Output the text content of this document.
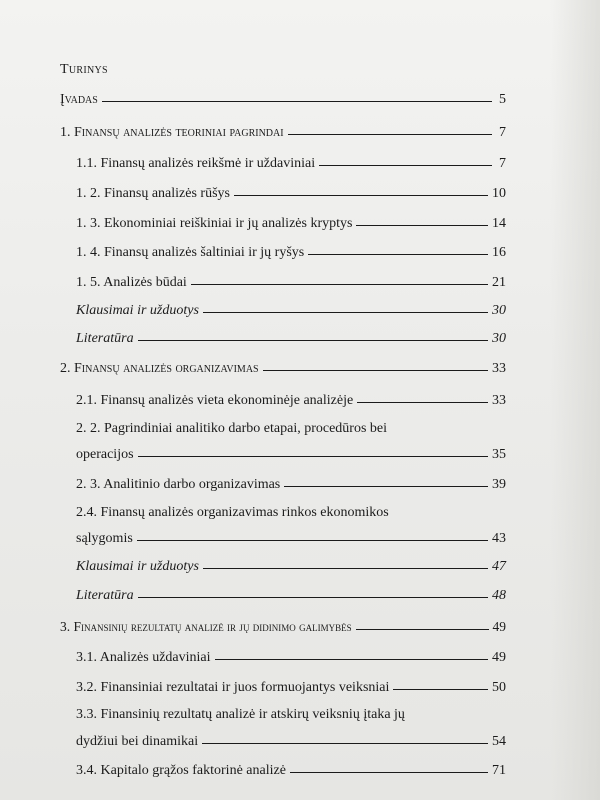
Turinys
Įvadas	5
1. Finansų analizės teoriniai pagrindai	7
1.1. Finansų analizės reikšmė ir uždaviniai	7
1. 2. Finansų analizės rūšys	10
1. 3. Ekonominiai reiškiniai ir jų analizės kryptys	14
1. 4. Finansų analizės šaltiniai ir jų ryšys	16
1. 5. Analizės būdai	21
Klausimai ir užduotys	30
Literatūra	30
2. Finansų analizės organizavimas	33
2.1. Finansų analizės vieta ekonominėje analizėje	33
2. 2. Pagrindiniai analitiko darbo etapai, procedūros bei
operacijos	35
2. 3. Analitinio darbo organizavimas	39
2.4. Finansų analizės organizavimas rinkos ekonomikos
sąlygomis	43
Klausimai ir užduotys	47
Literatūra	48
3. Finansinių rezultatų analizė ir jų didinimo galimybės	49
3.1. Analizės uždaviniai	49
3.2. Finansiniai rezultatai ir juos formuojantys veiksniai	50
3.3. Finansinių rezultatų analizė ir atskirų veiksnių įtaka jų
dydžiui bei dinamikai	54
3.4. Kapitalo grąžos faktorinė analizė	71
